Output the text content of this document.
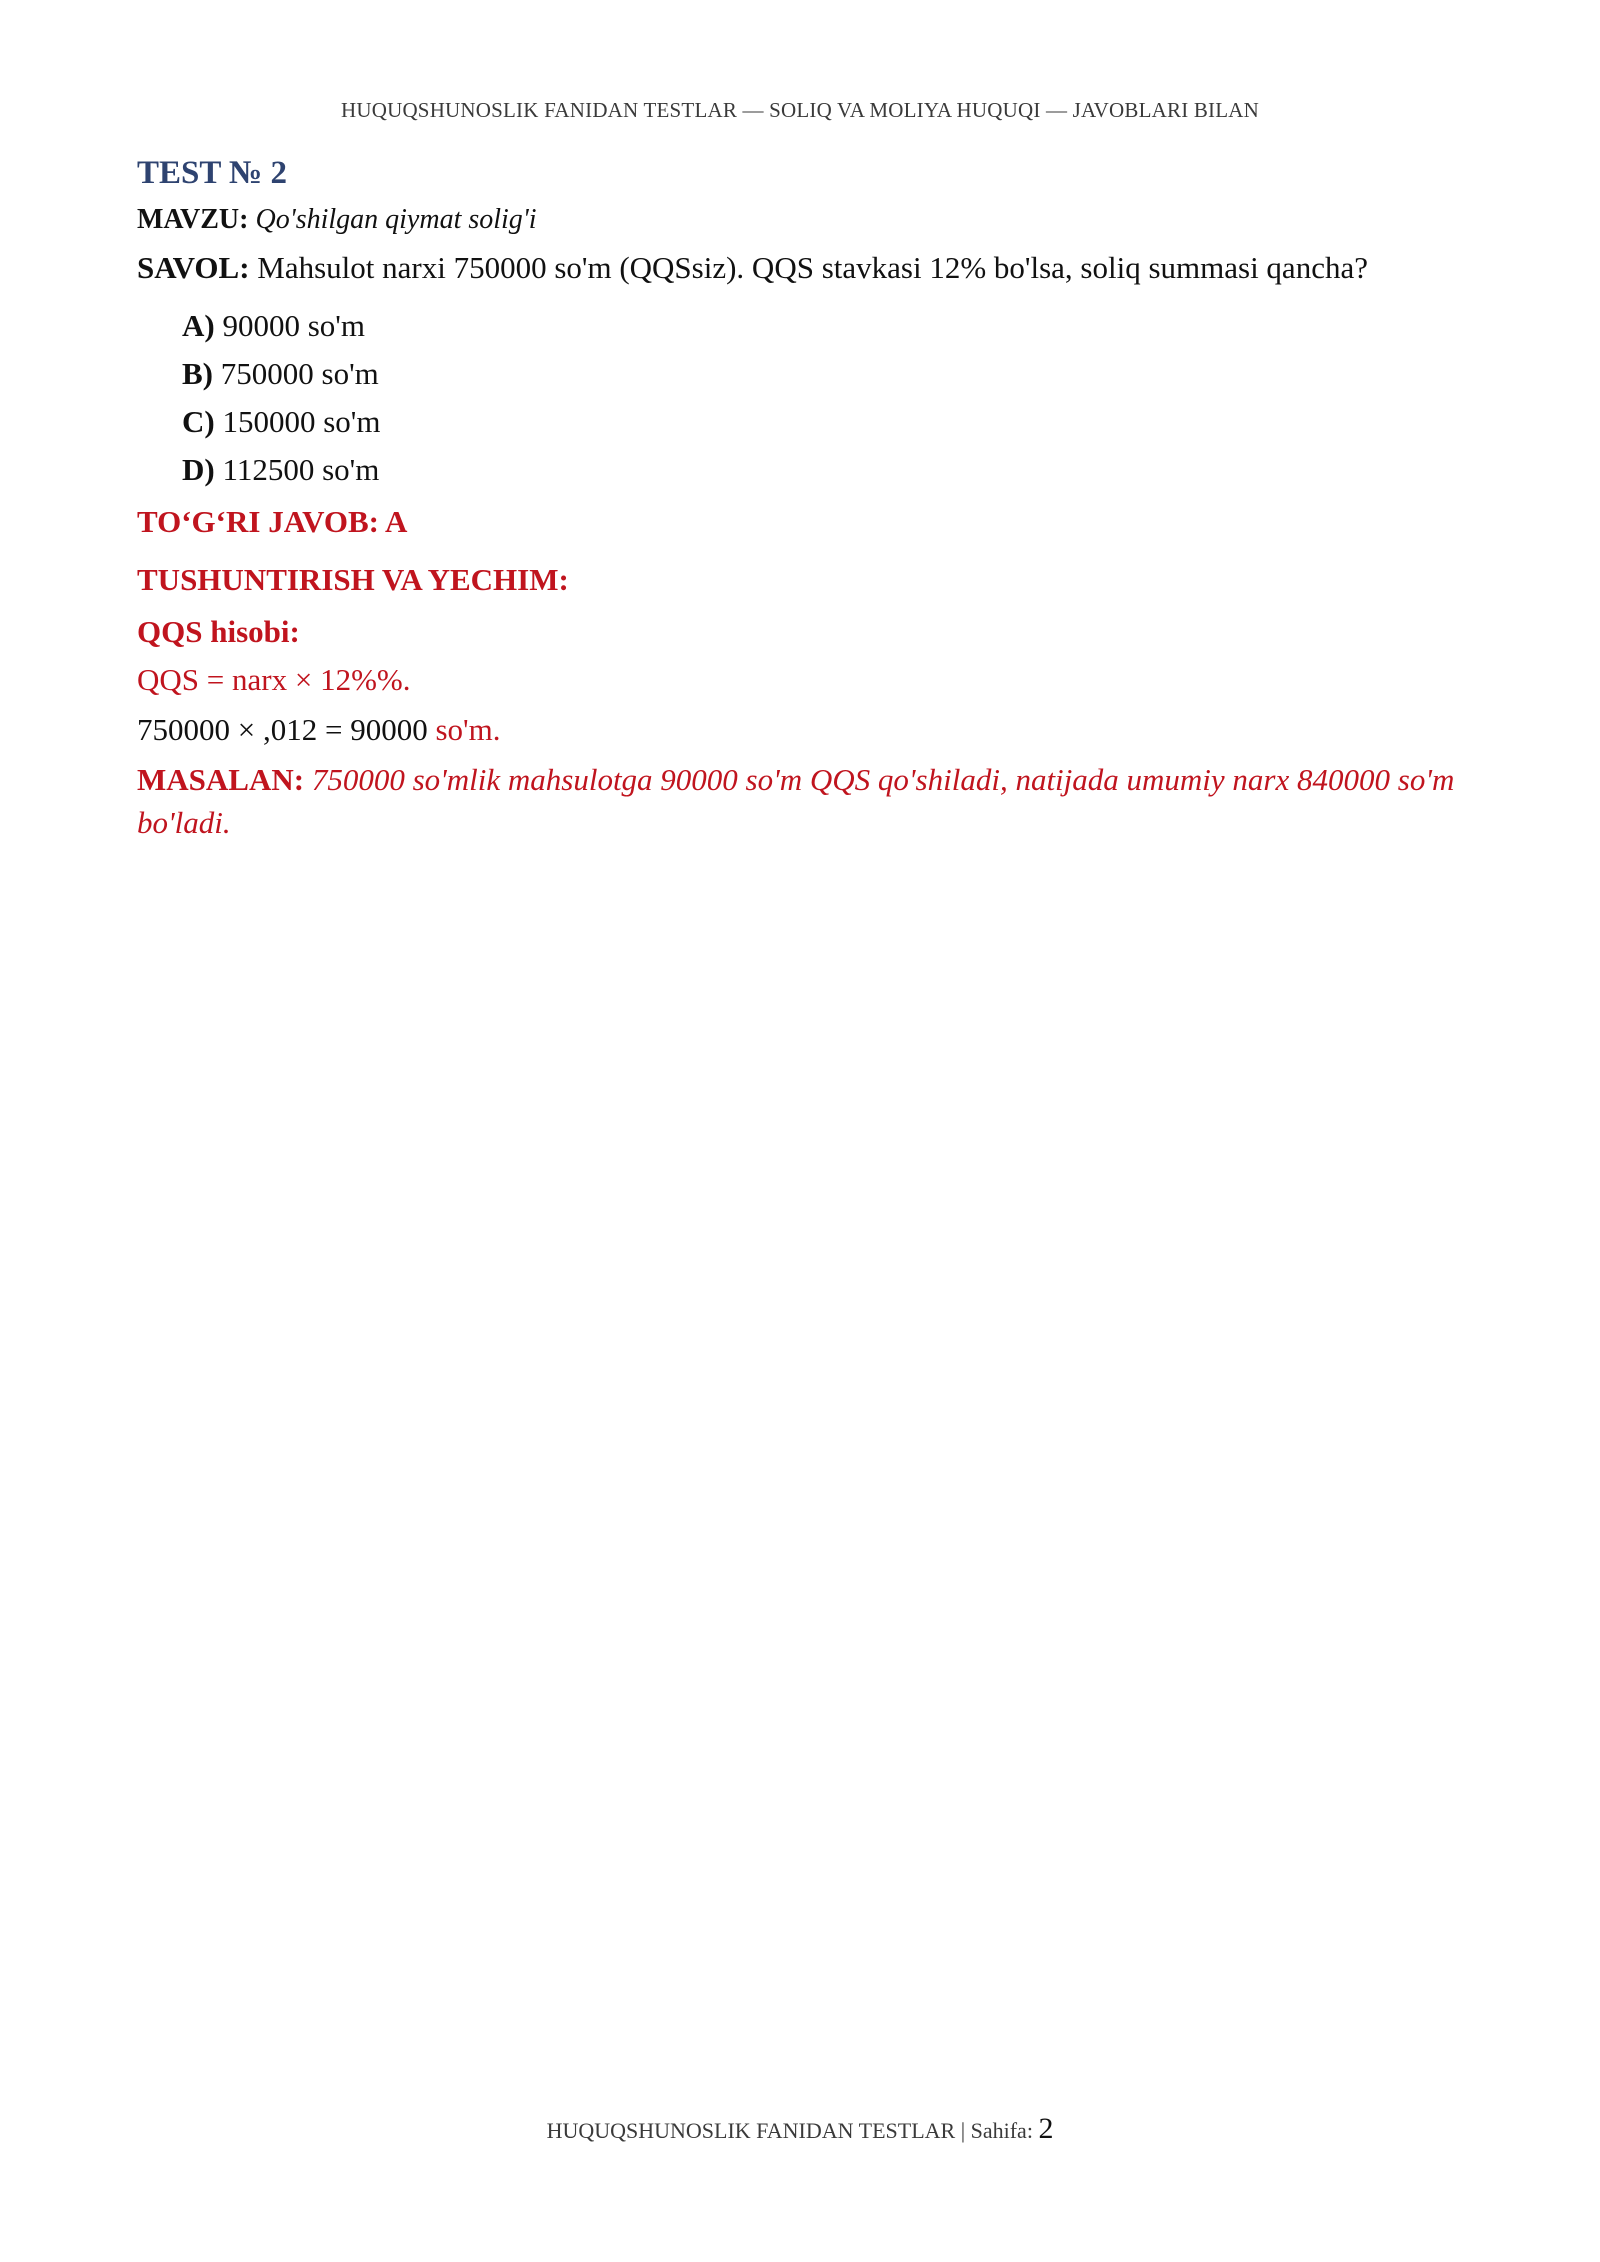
HUQUQSHUNOSLIK FANIDAN TESTLAR — SOLIQ VA MOLIYA HUQUQI — JAVOBLARI BILAN
TEST № 2
MAVZU: Qo'shilgan qiymat solig'i
SAVOL: Mahsulot narxi 750000 so'm (QQSsiz). QQS stavkasi 12% bo'lsa, soliq summasi qancha?
A) 90000 so'm
B) 750000 so'm
C) 150000 so'm
D) 112500 so'm
TO‘G‘RI JAVOB: A
TUSHUNTIRISH VA YECHIM:
QQS hisobi:
QQS = narx × 12%%.
750000 × ,012 = 90000 so'm.
MASALAN: 750000 so'mlik mahsulotga 90000 so'm QQS qo'shiladi, natijada umumiy narx 840000 so'm bo'ladi.
HUQUQSHUNOSLIK FANIDAN TESTLAR | Sahifa: 2
